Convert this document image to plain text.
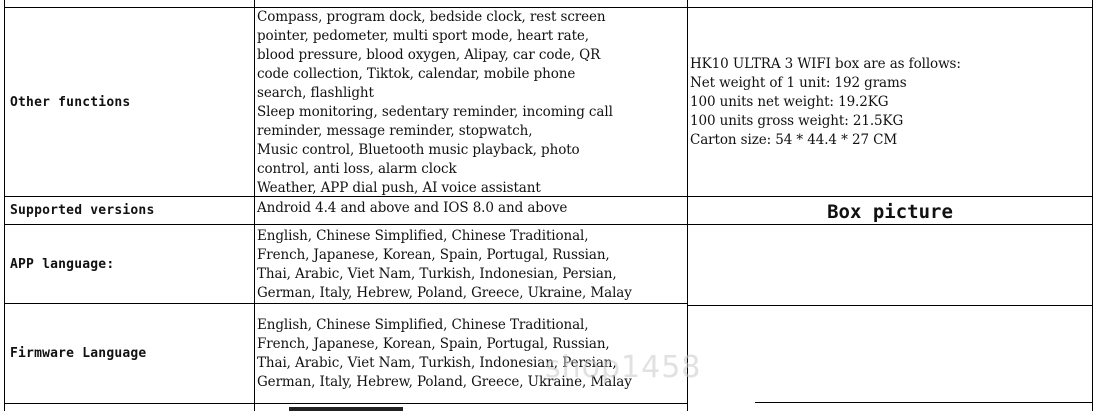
Other functions
Compass, program dock, bedside clock, rest screen
pointer, pedometer, multi sport mode, heart rate,
blood pressure, blood oxygen, Alipay, car code, QR
code collection, Tiktok, calendar, mobile phone
search, flashlight
Sleep monitoring, sedentary reminder, incoming call
reminder, message reminder, stopwatch,
Music control, Bluetooth music playback, photo
control, anti loss, alarm clock
Weather, APP dial push, AI voice assistant
HK10 ULTRA 3 WIFI box are as follows:
Net weight of 1 unit: 192 grams
100 units net weight: 19.2KG
100 units gross weight: 21.5KG
Carton size: 54 * 44.4 * 27 CM
Supported versions	Android 4.4 and above and IOS 8.0 and above	Box picture
APP language:
English, Chinese Simplified, Chinese Traditional,
French, Japanese, Korean, Spain, Portugal, Russian,
Thai, Arabic, Viet Nam, Turkish, Indonesian, Persian,
German, Italy, Hebrew, Poland, Greece, Ukraine, Malay
Firmware Language
English, Chinese Simplified, Chinese Traditional,
French, Japanese, Korean, Spain, Portugal, Russian,
Thai, Arabic, Viet Nam, Turkish, Indonesian, Persian,
German, Italy, Hebrew, Poland, Greece, Ukraine, Malay
shop1458
